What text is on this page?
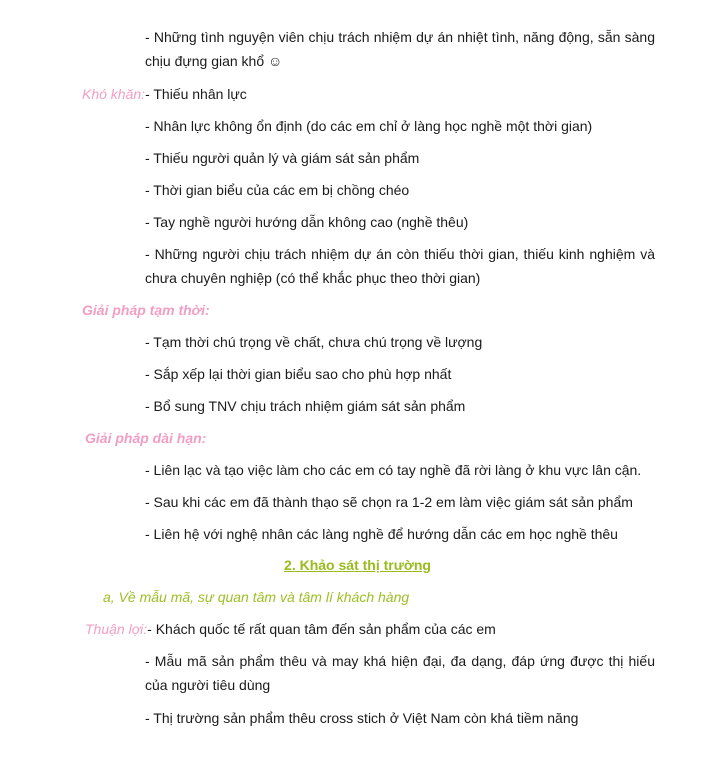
- Những tình nguyện viên chịu trách nhiệm dự án nhiệt tình, năng động, sẵn sàng chịu đựng gian khổ ☺
Khó khăn:- Thiếu nhân lực
- Nhân lực không ổn định (do các em chỉ ở làng học nghề một thời gian)
- Thiếu người quản lý và giám sát sản phẩm
- Thời gian biểu của các em bị chồng chéo
- Tay nghề người hướng dẫn không cao (nghề thêu)
- Những người chịu trách nhiệm dự án còn thiếu thời gian, thiếu kinh nghiệm và chưa chuyên nghiệp (có thể khắc phục theo thời gian)
Giải pháp tạm thời:
- Tạm thời chú trọng về chất, chưa chú trọng về lượng
- Sắp xếp lại thời gian biểu sao cho phù hợp nhất
- Bổ sung TNV chịu trách nhiệm giám sát sản phẩm
Giải pháp dài hạn:
- Liên lạc và tạo việc làm cho các em có tay nghề đã rời làng ở khu vực lân cận.
- Sau khi các em đã thành thạo sẽ chọn ra 1-2 em làm việc giám sát sản phẩm
- Liên hệ với nghệ nhân các làng nghề để hướng dẫn các em học nghề thêu
2. Khảo sát thị trường
a, Về mẫu mã, sự quan tâm và tâm lí khách hàng
Thuận lợi:- Khách quốc tế rất quan tâm đến sản phẩm của các em
- Mẫu mã sản phẩm thêu và may khá hiện đại, đa dạng, đáp ứng được thị hiếu của người tiêu dùng
- Thị trường sản phẩm thêu cross stich ở Việt Nam còn khá tiềm năng
